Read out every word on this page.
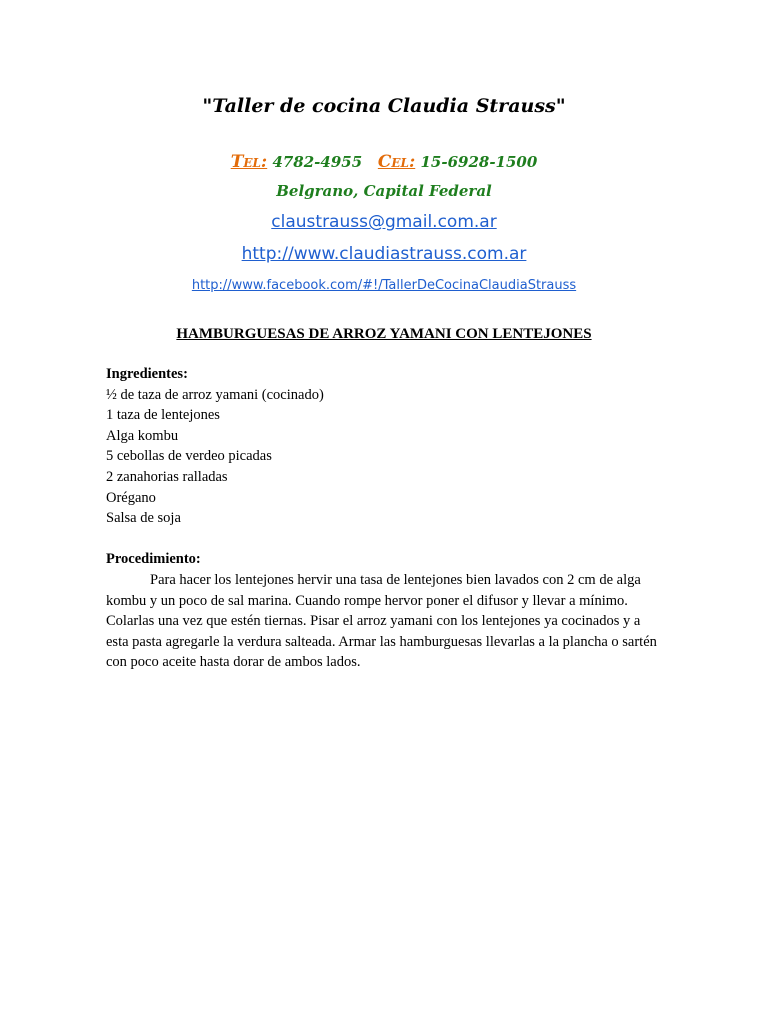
"Taller de cocina Claudia Strauss"
Tel: 4782-4955 Cel: 15-6928-1500
Belgrano, Capital Federal
claustrauss@gmail.com.ar
http://www.claudiastrauss.com.ar
http://www.facebook.com/#!/TallerDeCocinaClaudiaStrauss
HAMBURGUESAS DE ARROZ YAMANI CON LENTEJONES
Ingredientes:
½ de taza de arroz yamani (cocinado)
1 taza de lentejones
Alga kombu
5 cebollas de verdeo picadas
2 zanahorias ralladas
Orégano
Salsa de soja
Procedimiento:

Para hacer los lentejones hervir una tasa de lentejones bien lavados con 2 cm de alga kombu y un poco de sal marina. Cuando rompe hervor poner el difusor y llevar a mínimo. Colarlas una vez que estén tiernas. Pisar el arroz yamani con los lentejones ya cocinados y a esta pasta agregarle la verdura salteada. Armar las hamburguesas llevarlas a la plancha o sartén con poco aceite hasta dorar de ambos lados.
